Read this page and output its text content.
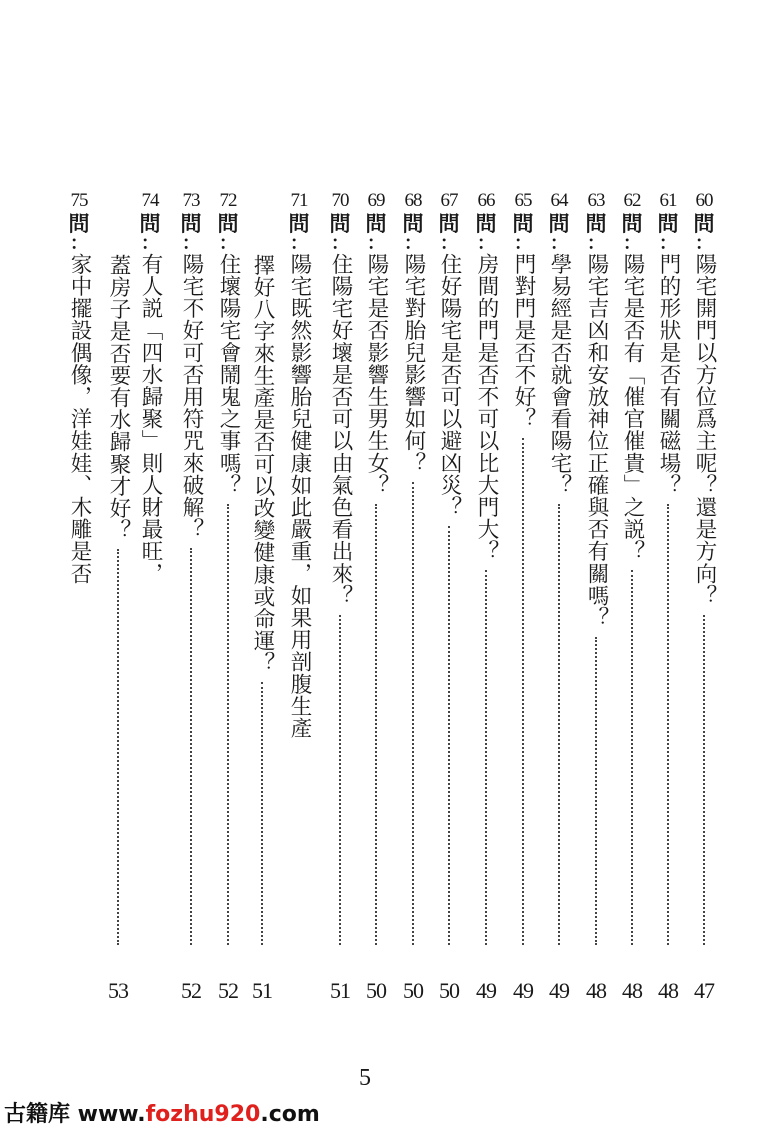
60
問
：
陽宅開門以方位爲主呢？還是方向？
47
61
問
：
門的形狀是否有關磁場？
48
62
問
：
陽宅是否有「催官催貴」之説？
48
63
問
：
陽宅吉凶和安放神位正確與否有關嗎？
48
64
問
：
學易經是否就會看陽宅？
49
65
問
：
門對門是否不好？
49
66
問
：
房間的門是否不可以比大門大？
49
67
問
：
住好陽宅是否可以避凶災？
50
68
問
：
陽宅對胎兒影響如何？
50
69
問
：
陽宅是否影響生男生女？
50
70
問
：
住陽宅好壞是否可以由氣色看出來？
51
71
問
：
陽宅既然影響胎兒健康如此嚴重，如果用剖腹生產
擇好八字來生產是否可以改變健康或命運？
51
72
問
：
住壞陽宅會鬧鬼之事嗎？
52
73
問
：
陽宅不好可否用符咒來破解？
52
74
問
：
有人説「四水歸聚」則人財最旺，
蓋房子是否要有水歸聚才好？
53
75
問
：
家中擺設偶像，洋娃娃、木雕是否
5
古籍库 www.fozhu920.com
